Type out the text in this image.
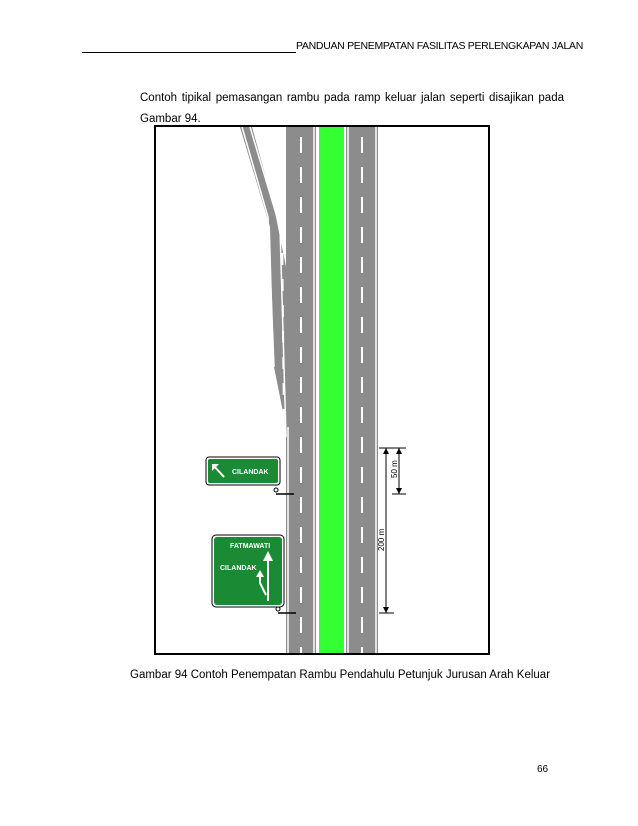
PANDUAN PENEMPATAN FASILITAS PERLENGKAPAN JALAN
Contoh tipikal pemasangan rambu pada ramp keluar jalan seperti disajikan pada Gambar 94.
CILANDAK
FATMAWATI
CILANDAK
50 m
200 m
Gambar 94 Contoh Penempatan Rambu Pendahulu Petunjuk Jurusan Arah Keluar
66
